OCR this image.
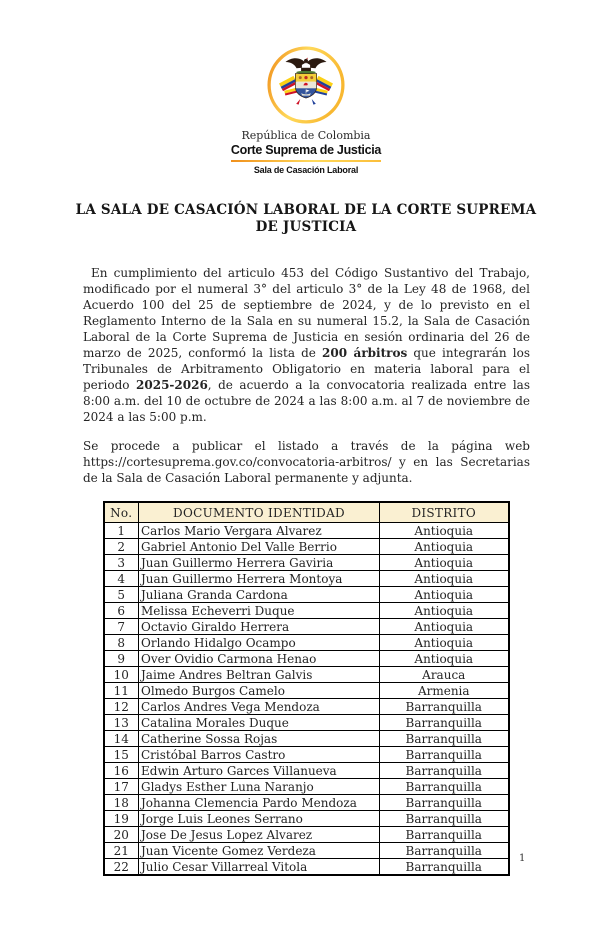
República de Colombia
Corte Suprema de Justicia
Sala de Casación Laboral
LA SALA DE CASACIÓN LABORAL DE LA CORTE SUPREMA DE JUSTICIA

En cumplimiento del articulo 453 del Código Sustantivo del Trabajo, modificado por el numeral 3° del articulo 3° de la Ley 48 de 1968, del Acuerdo 100 del 25 de septiembre de 2024, y de lo previsto en el Reglamento Interno de la Sala en su numeral 15.2, la Sala de Casación Laboral de la Corte Suprema de Justicia en sesión ordinaria del 26 de marzo de 2025, conformó la lista de 200 árbitros que integrarán los Tribunales de Arbitramento Obligatorio en materia laboral para el periodo 2025-2026, de acuerdo a la convocatoria realizada entre las 8:00 a.m. del 10 de octubre de 2024 a las 8:00 a.m. al 7 de noviembre de 2024 a las 5:00 p.m.

Se procede a publicar el listado a través de la página web https://cortesuprema.gov.co/convocatoria-arbitros/ y en las Secretarias de la Sala de Casación Laboral permanente y adjunta.

No.	DOCUMENTO IDENTIDAD	DISTRITO
1	Carlos Mario Vergara Alvarez	Antioquia
2	Gabriel Antonio Del Valle Berrio	Antioquia
3	Juan Guillermo Herrera Gaviria	Antioquia
4	Juan Guillermo Herrera Montoya	Antioquia
5	Juliana Granda Cardona	Antioquia
6	Melissa Echeverri Duque	Antioquia
7	Octavio Giraldo Herrera	Antioquia
8	Orlando Hidalgo Ocampo	Antioquia
9	Over Ovidio Carmona Henao	Antioquia
10	Jaime Andres Beltran Galvis	Arauca
11	Olmedo Burgos Camelo	Armenia
12	Carlos Andres Vega Mendoza	Barranquilla
13	Catalina Morales Duque	Barranquilla
14	Catherine Sossa Rojas	Barranquilla
15	Cristóbal Barros Castro	Barranquilla
16	Edwin Arturo Garces Villanueva	Barranquilla
17	Gladys Esther Luna Naranjo	Barranquilla
18	Johanna Clemencia Pardo Mendoza	Barranquilla
19	Jorge Luis Leones Serrano	Barranquilla
20	Jose De Jesus Lopez Alvarez	Barranquilla
21	Juan Vicente Gomez Verdeza	Barranquilla
22	Julio Cesar Villarreal Vitola	Barranquilla
1
